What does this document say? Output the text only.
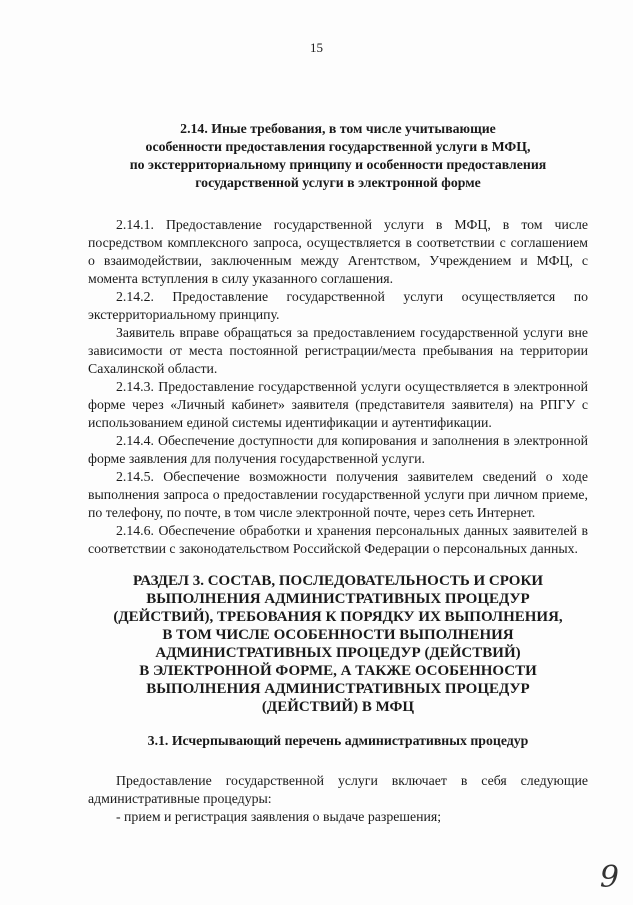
15
2.14. Иные требования, в том числе учитывающие
особенности предоставления государственной услуги в МФЦ,
по экстерриториальному принципу и особенности предоставления
государственной услуги в электронной форме

2.14.1. Предоставление государственной услуги в МФЦ, в том числе посредством комплексного запроса, осуществляется в соответствии с соглашением о взаимодействии, заключенным между Агентством, Учреждением и МФЦ, с момента вступления в силу указанного соглашения.

2.14.2. Предоставление государственной услуги осуществляется по экстерриториальному принципу.

Заявитель вправе обращаться за предоставлением государственной услуги вне зависимости от места постоянной регистрации/места пребывания на территории Сахалинской области.

2.14.3. Предоставление государственной услуги осуществляется в электронной форме через «Личный кабинет» заявителя (представителя заявителя) на РПГУ с использованием единой системы идентификации и аутентификации.

2.14.4. Обеспечение доступности для копирования и заполнения в электронной форме заявления для получения государственной услуги.

2.14.5. Обеспечение возможности получения заявителем сведений о ходе выполнения запроса о предоставлении государственной услуги при личном приеме, по телефону, по почте, в том числе электронной почте, через сеть Интернет.

2.14.6. Обеспечение обработки и хранения персональных данных заявителей в соответствии с законодательством Российской Федерации о персональных данных.

РАЗДЕЛ 3. СОСТАВ, ПОСЛЕДОВАТЕЛЬНОСТЬ И СРОКИ
ВЫПОЛНЕНИЯ АДМИНИСТРАТИВНЫХ ПРОЦЕДУР
(ДЕЙСТВИЙ), ТРЕБОВАНИЯ К ПОРЯДКУ ИХ ВЫПОЛНЕНИЯ,
В ТОМ ЧИСЛЕ ОСОБЕННОСТИ ВЫПОЛНЕНИЯ
АДМИНИСТРАТИВНЫХ ПРОЦЕДУР (ДЕЙСТВИЙ)
В ЭЛЕКТРОННОЙ ФОРМЕ, А ТАКЖЕ ОСОБЕННОСТИ
ВЫПОЛНЕНИЯ АДМИНИСТРАТИВНЫХ ПРОЦЕДУР
(ДЕЙСТВИЙ) В МФЦ
3.1. Исчерпывающий перечень административных процедур

Предоставление государственной услуги включает в себя следующие административные процедуры:

- прием и регистрация заявления о выдаче разрешения;

9
